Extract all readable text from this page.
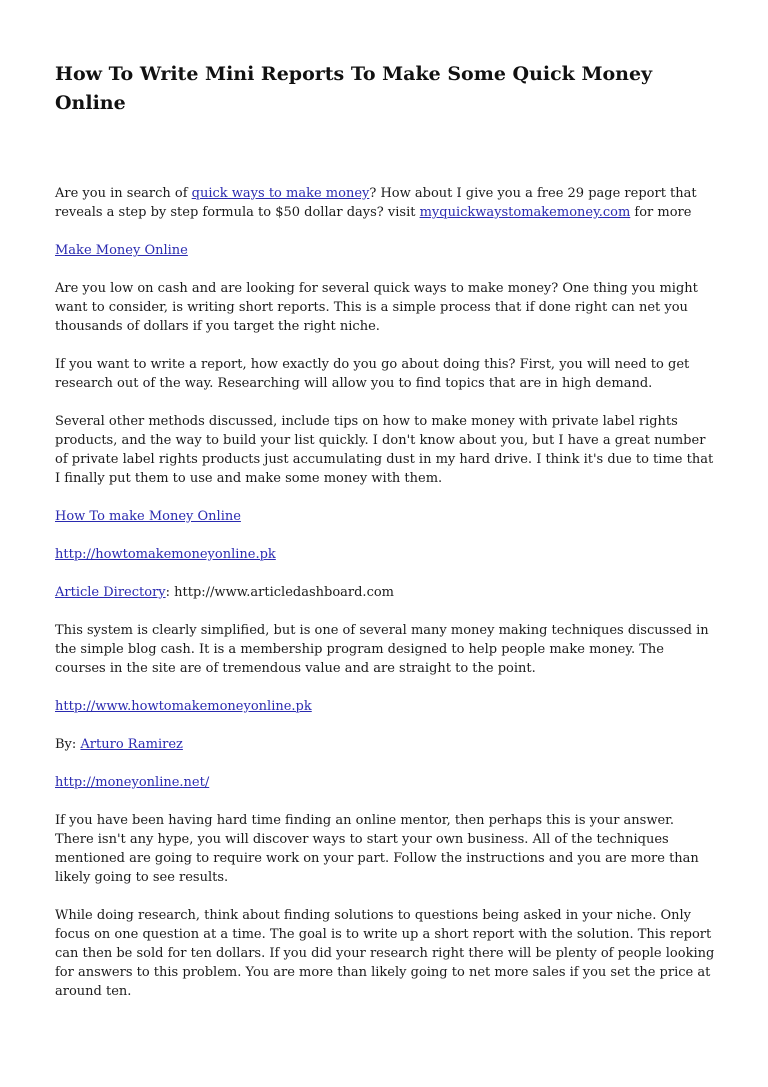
How To Write Mini Reports To Make Some Quick Money Online

Are you in search of quick ways to make money? How about I give you a free 29 page report that reveals a step by step formula to $50 dollar days? visit myquickwaystomakemoney.com for more

Make Money Online

Are you low on cash and are looking for several quick ways to make money? One thing you might want to consider, is writing short reports. This is a simple process that if done right can net you thousands of dollars if you target the right niche.

If you want to write a report, how exactly do you go about doing this? First, you will need to get research out of the way. Researching will allow you to find topics that are in high demand.

Several other methods discussed, include tips on how to make money with private label rights products, and the way to build your list quickly. I don't know about you, but I have a great number of private label rights products just accumulating dust in my hard drive. I think it's due to time that I finally put them to use and make some money with them.

How To make Money Online

http://howtomakemoneyonline.pk

Article Directory: http://www.articledashboard.com

This system is clearly simplified, but is one of several many money making techniques discussed in the simple blog cash. It is a membership program designed to help people make money. The courses in the site are of tremendous value and are straight to the point.

http://www.howtomakemoneyonline.pk

By: Arturo Ramirez

http://moneyonline.net/

If you have been having hard time finding an online mentor, then perhaps this is your answer. There isn't any hype, you will discover ways to start your own business. All of the techniques mentioned are going to require work on your part. Follow the instructions and you are more than likely going to see results.

While doing research, think about finding solutions to questions being asked in your niche. Only focus on one question at a time. The goal is to write up a short report with the solution. This report can then be sold for ten dollars. If you did your research right there will be plenty of people looking for answers to this problem. You are more than likely going to net more sales if you set the price at around ten.
